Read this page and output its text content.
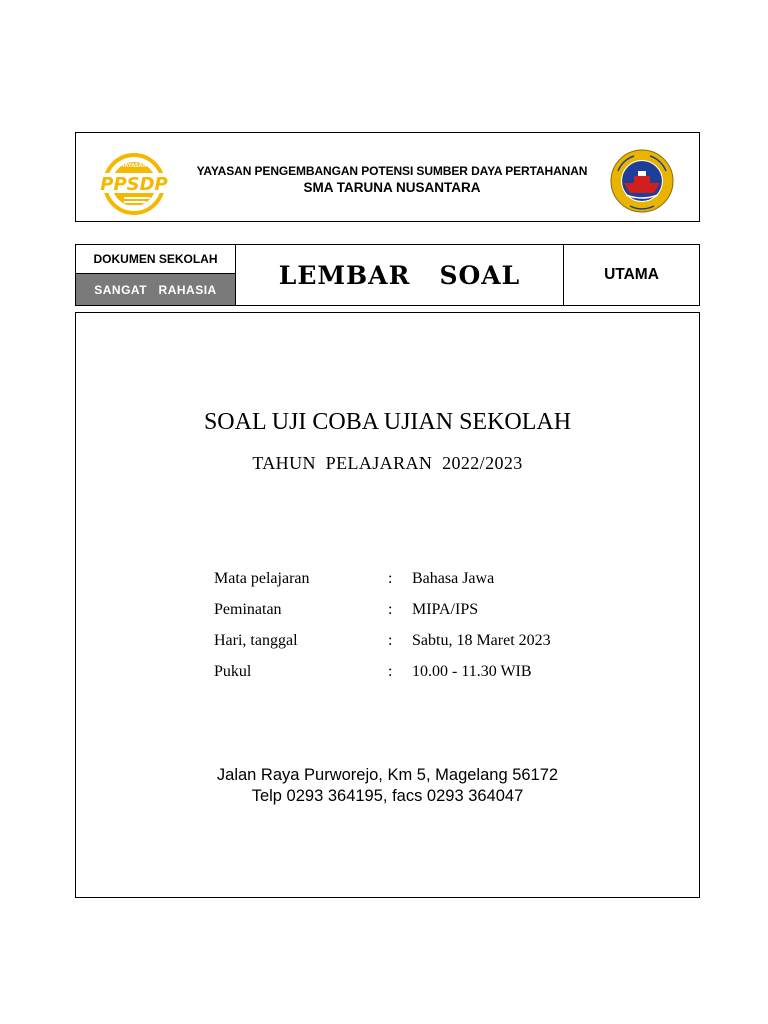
PPSDP
YAYASAN	YAYASAN PENGEMBANGAN POTENSI SUMBER DAYA PERTAHANAN
SMA TARUNA NUSANTARA
DOKUMEN SEKOLAH
SANGAT   RAHASIA	LEMBAR   SOAL	UTAMA
SOAL UJI COBA UJIAN SEKOLAH
TAHUN  PELAJARAN  2022/2023
Mata pelajaran	: Bahasa Jawa
Peminatan	: MIPA/IPS
Hari, tanggal	: Sabtu, 18 Maret 2023
Pukul	: 10.00 - 11.30 WIB
Jalan Raya Purworejo, Km 5, Magelang 56172
Telp 0293 364195, facs 0293 364047
